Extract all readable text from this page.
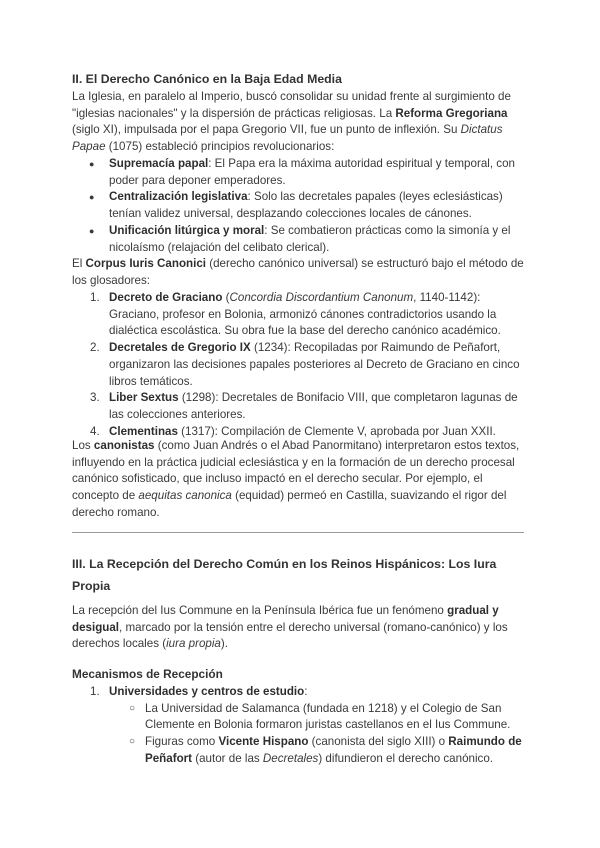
II. El Derecho Canónico en la Baja Edad Media

La Iglesia, en paralelo al Imperio, buscó consolidar su unidad frente al surgimiento de "iglesias nacionales" y la dispersión de prácticas religiosas. La Reforma Gregoriana (siglo XI), impulsada por el papa Gregorio VII, fue un punto de inflexión. Su Dictatus Papae (1075) estableció principios revolucionarios:

● Supremacía papal: El Papa era la máxima autoridad espiritual y temporal, con poder para deponer emperadores.
● Centralización legislativa: Solo las decretales papales (leyes eclesiásticas) tenían validez universal, desplazando colecciones locales de cánones.
● Unificación litúrgica y moral: Se combatieron prácticas como la simonía y el nicolaísmo (relajación del celibato clerical).

El Corpus Iuris Canonici (derecho canónico universal) se estructuró bajo el método de los glosadores:

1. Decreto de Graciano (Concordia Discordantium Canonum, 1140-1142): Graciano, profesor en Bolonia, armonizó cánones contradictorios usando la dialéctica escolástica. Su obra fue la base del derecho canónico académico.
2. Decretales de Gregorio IX (1234): Recopiladas por Raimundo de Peñafort, organizaron las decisiones papales posteriores al Decreto de Graciano en cinco libros temáticos.
3. Liber Sextus (1298): Decretales de Bonifacio VIII, que completaron lagunas de las colecciones anteriores.
4. Clementinas (1317): Compilación de Clemente V, aprobada por Juan XXII.

Los canonistas (como Juan Andrés o el Abad Panormitano) interpretaron estos textos, influyendo en la práctica judicial eclesiástica y en la formación de un derecho procesal canónico sofisticado, que incluso impactó en el derecho secular. Por ejemplo, el concepto de aequitas canonica (equidad) permeó en Castilla, suavizando el rigor del derecho romano.

III. La Recepción del Derecho Común en los Reinos Hispánicos: Los Iura Propia

La recepción del Ius Commune en la Península Ibérica fue un fenómeno gradual y desigual, marcado por la tensión entre el derecho universal (romano-canónico) y los derechos locales (iura propia).

Mecanismos de Recepción
1. Universidades y centros de estudio:
○ La Universidad de Salamanca (fundada en 1218) y el Colegio de San Clemente en Bolonia formaron juristas castellanos en el Ius Commune.
○ Figuras como Vicente Hispano (canonista del siglo XIII) o Raimundo de Peñafort (autor de las Decretales) difundieron el derecho canónico.
